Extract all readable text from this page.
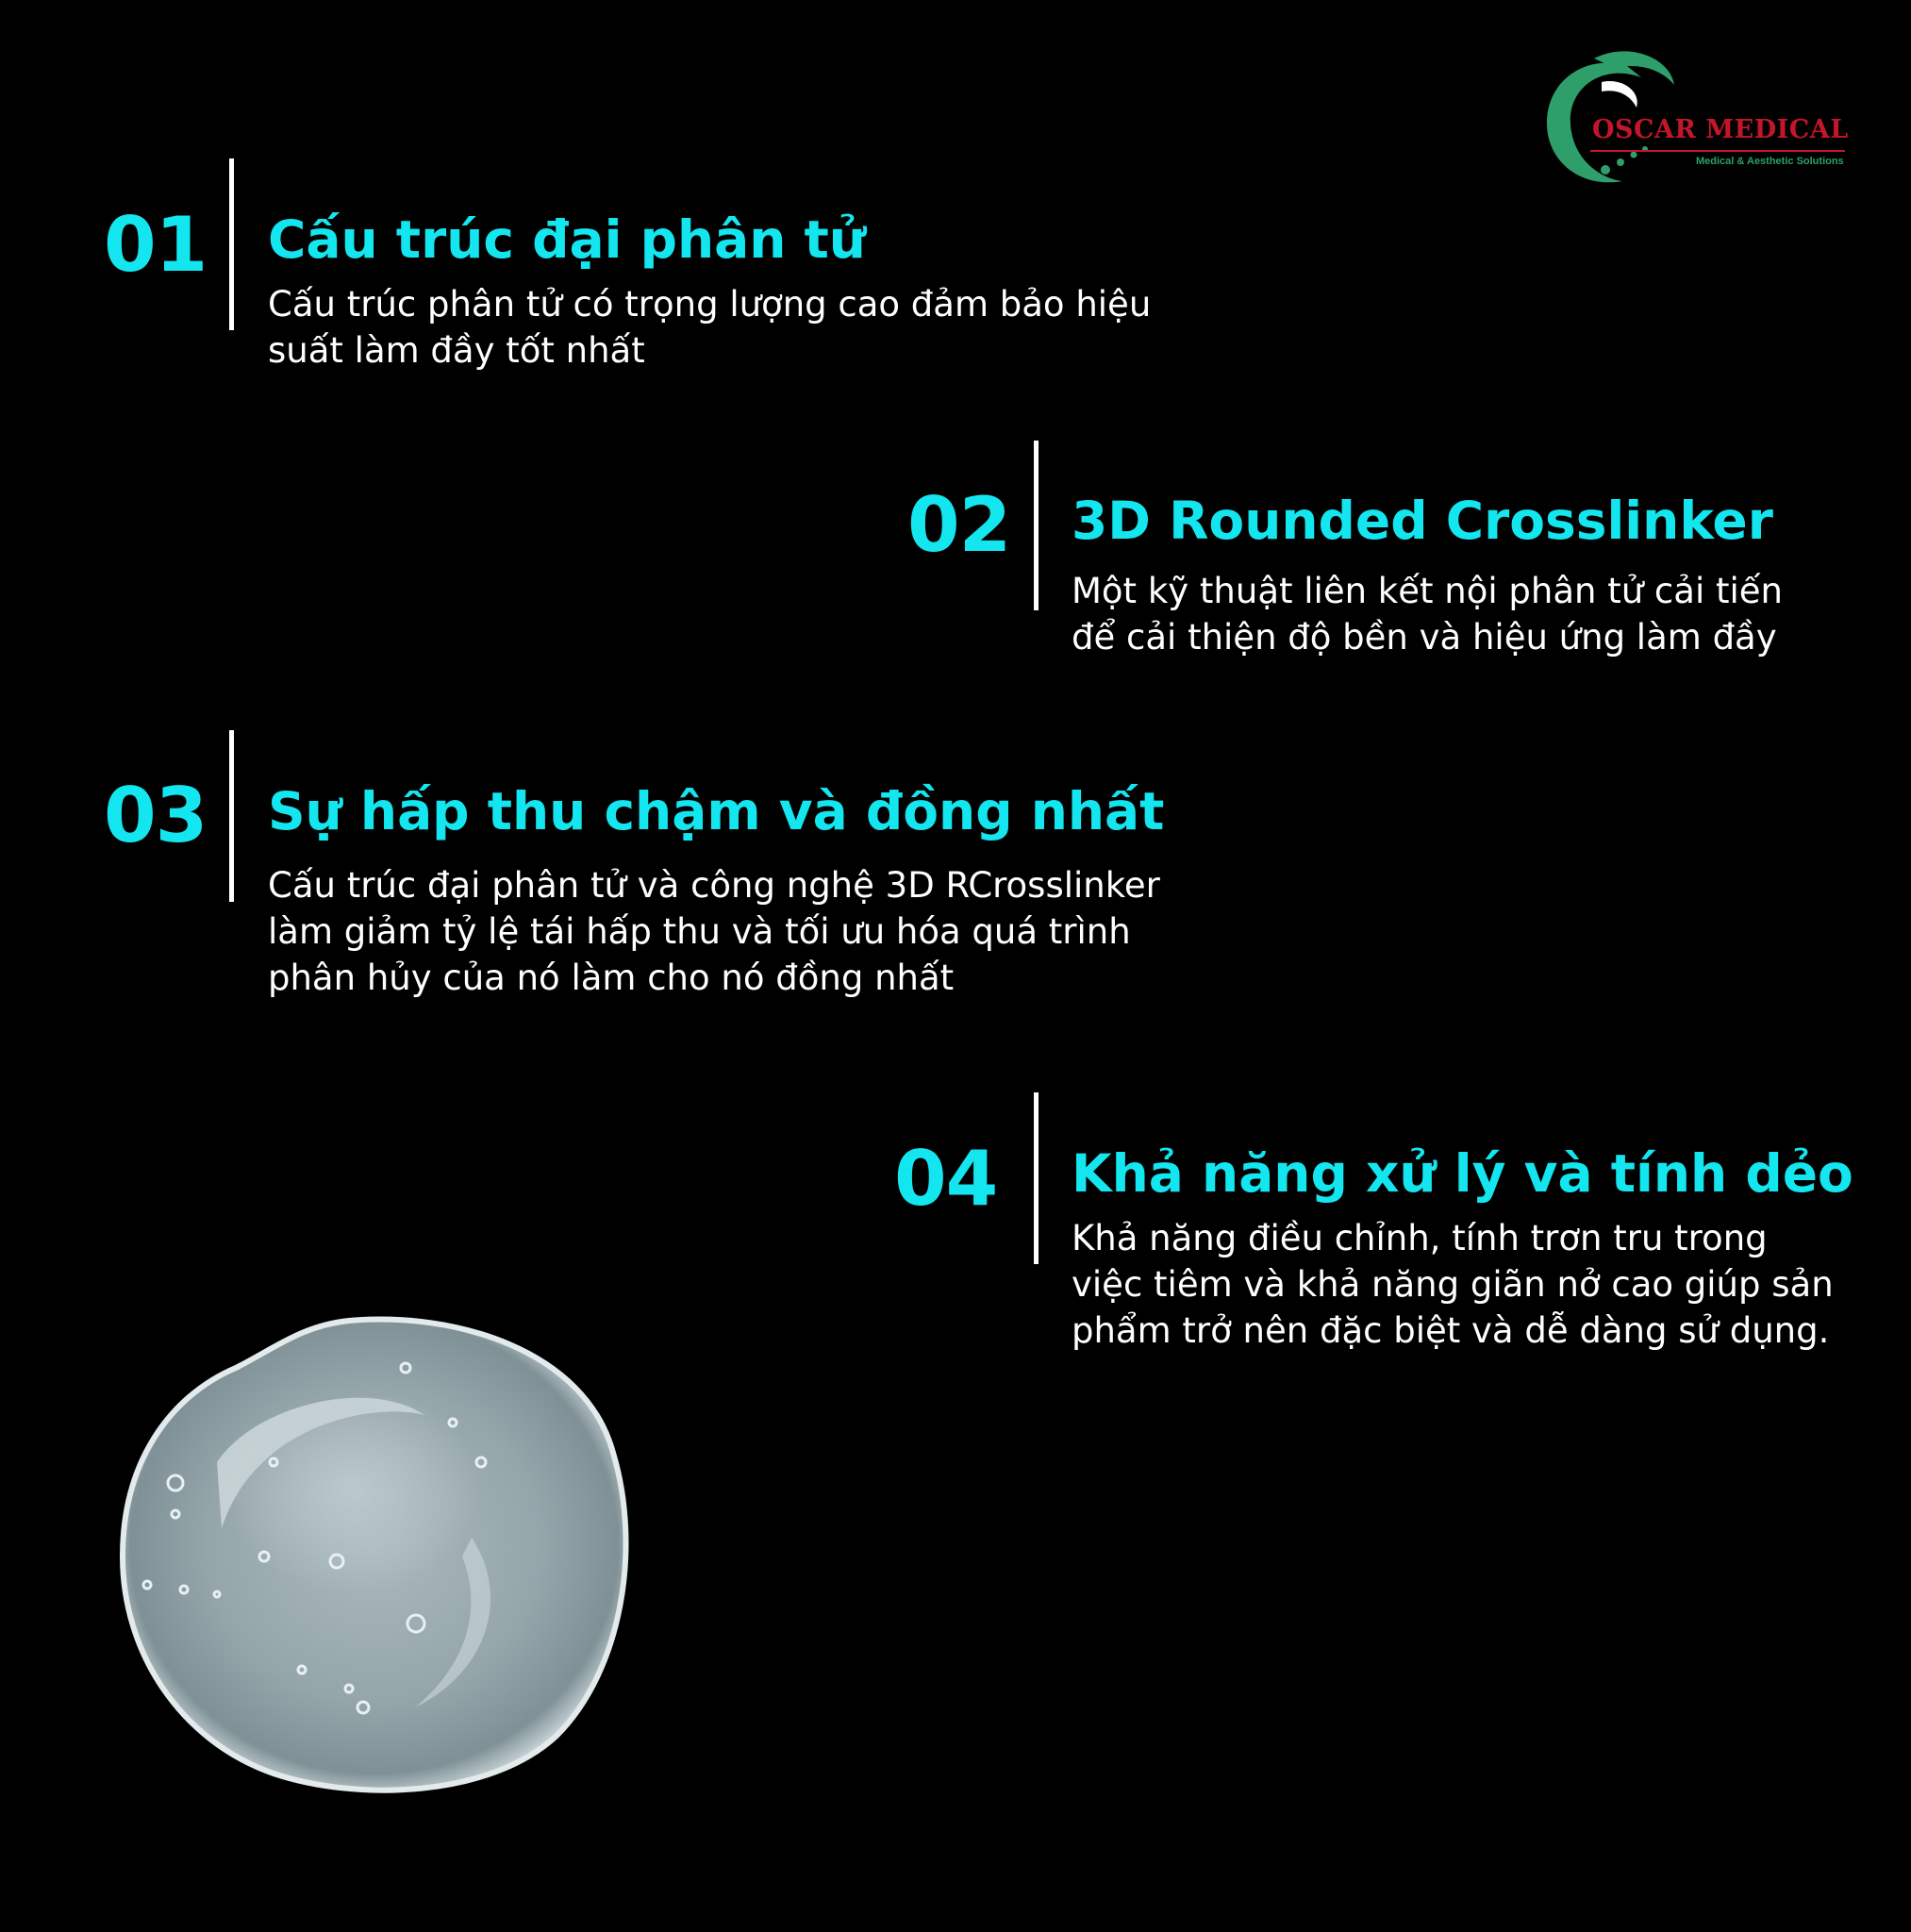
OSCAR MEDICAL
Medical & Aesthetic Solutions
01 Cấu trúc đại phân tử
Cấu trúc phân tử có trọng lượng cao đảm bảo hiệu
suất làm đầy tốt nhất
02 3D Rounded Crosslinker
Một kỹ thuật liên kết nội phân tử cải tiến
để cải thiện độ bền và hiệu ứng làm đầy
03 Sự hấp thu chậm và đồng nhất
Cấu trúc đại phân tử và công nghệ 3D RCrosslinker
làm giảm tỷ lệ tái hấp thu và tối ưu hóa quá trình
phân hủy của nó làm cho nó đồng nhất
04 Khả năng xử lý và tính dẻo
Khả năng điều chỉnh, tính trơn tru trong
việc tiêm và khả năng giãn nở cao giúp sản
phẩm trở nên đặc biệt và dễ dàng sử dụng.
